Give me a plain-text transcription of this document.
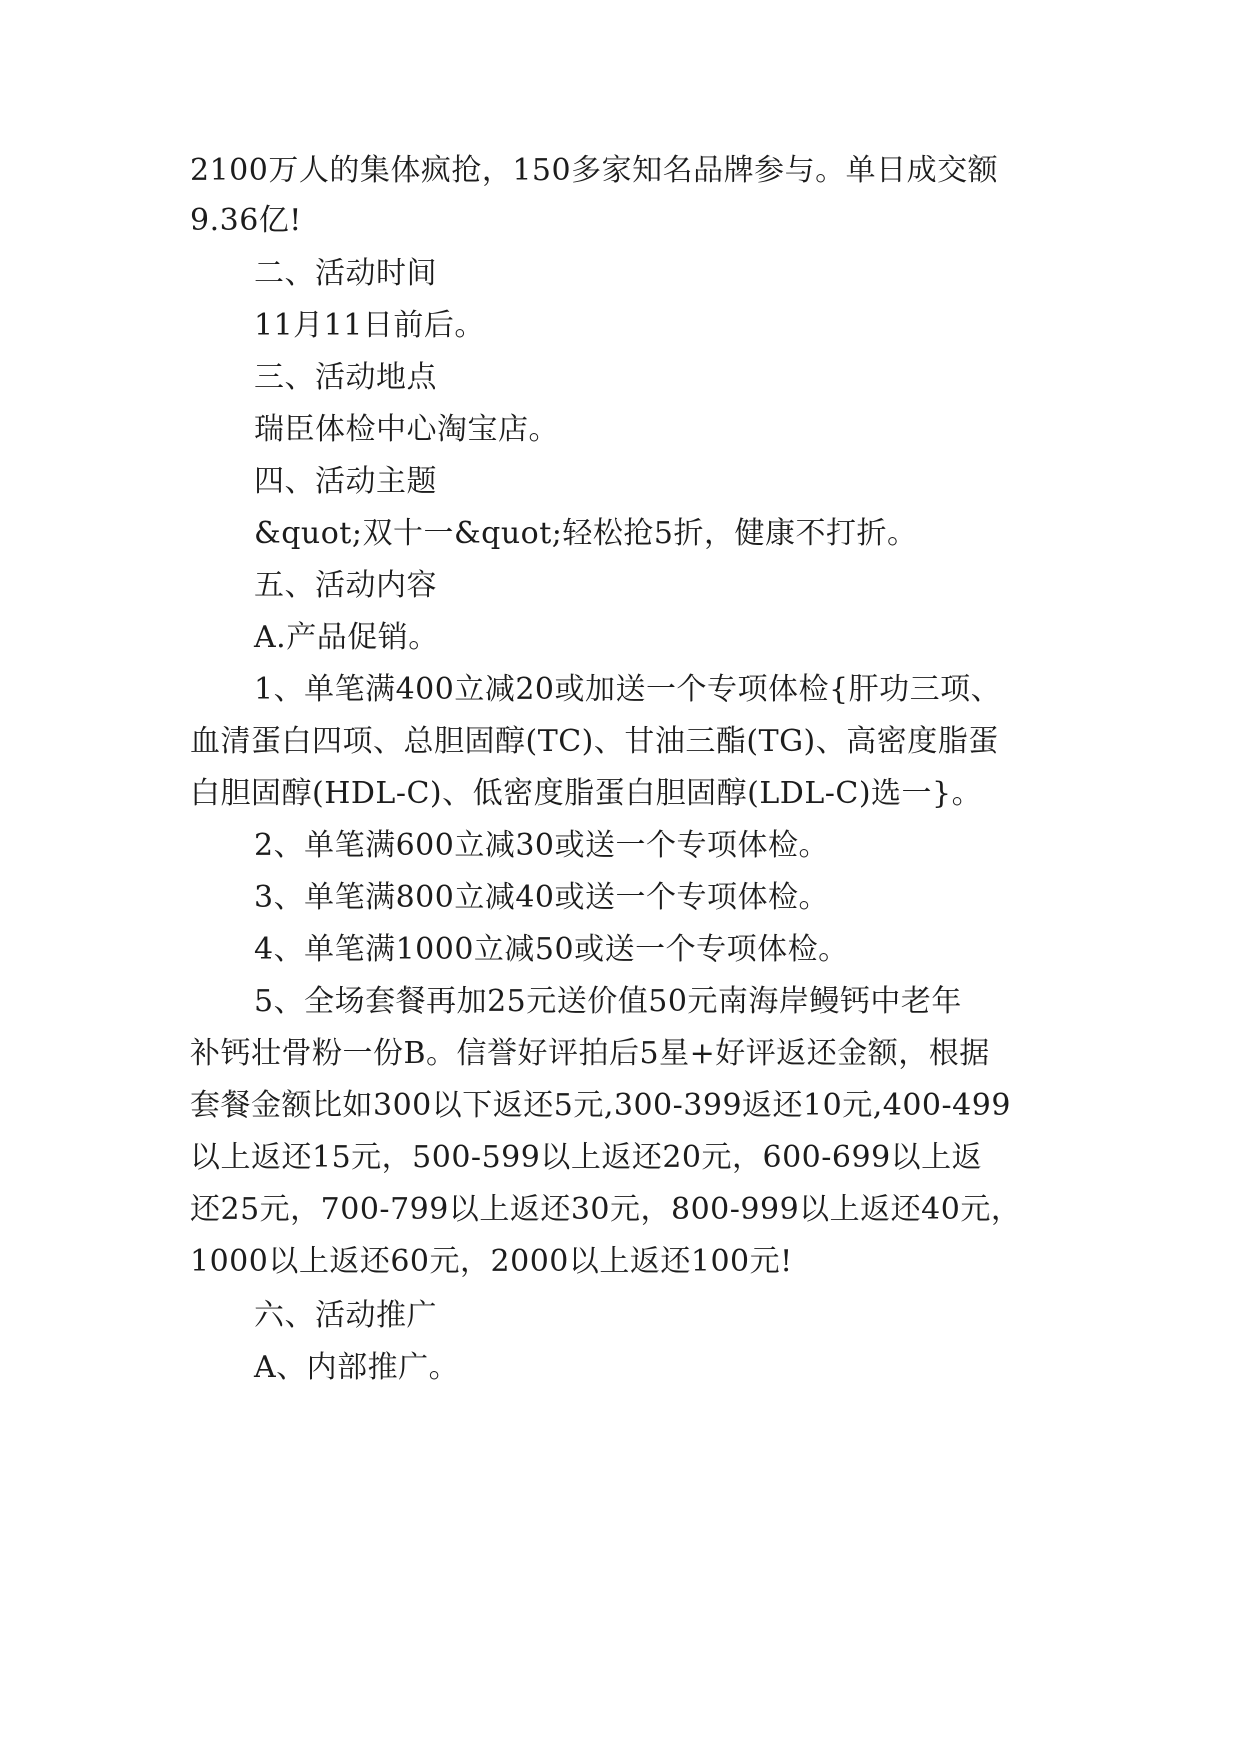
2100万人的集体疯抢，150多家知名品牌参与。单日成交额
9.36亿!
二、活动时间
11月11日前后。
三、活动地点
瑞臣体检中心淘宝店。
四、活动主题
&quot;双十一&quot;轻松抢5折，健康不打折。
五、活动内容
A.产品促销。
1、单笔满400立减20或加送一个专项体检{肝功三项、
血清蛋白四项、总胆固醇(TC)、甘油三酯(TG)、高密度脂蛋
白胆固醇(HDL-C)、低密度脂蛋白胆固醇(LDL-C)选一}。
2、单笔满600立减30或送一个专项体检。
3、单笔满800立减40或送一个专项体检。
4、单笔满1000立减50或送一个专项体检。
5、全场套餐再加25元送价值50元南海岸鳗钙中老年
补钙壮骨粉一份B。信誉好评拍后5星+好评返还金额，根据
套餐金额比如300以下返还5元,300-399返还10元,400-499
以上返还15元，500-599以上返还20元，600-699以上返
还25元，700-799以上返还30元，800-999以上返还40元，
1000以上返还60元，2000以上返还100元!
六、活动推广
A、内部推广。
